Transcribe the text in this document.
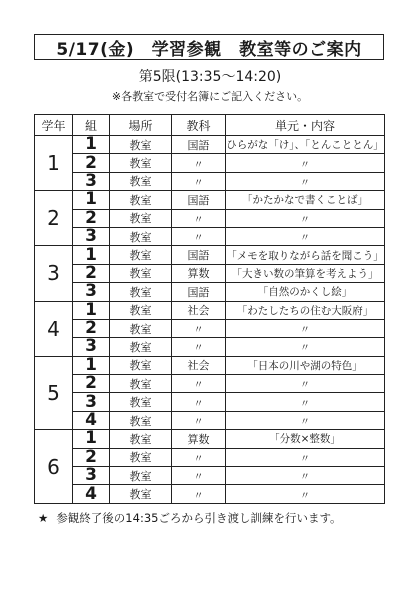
5/17(金)　学習参観　教室等のご案内
第5限(13:35～14:20)
※各教室で受付名簿にご記入ください。
学年	組	場所	教科	単元・内容
1	1	教室	国語	ひらがな「け」、「とんこととん」
	2	教室	〃	〃
	3	教室	〃	〃
2	1	教室	国語	「かたかなで書くことば」
	2	教室	〃	〃
	3	教室	〃	〃
3	1	教室	国語	「メモを取りながら話を聞こう」
	2	教室	算数	「大きい数の筆算を考えよう」
	3	教室	国語	「自然のかくし絵」
4	1	教室	社会	「わたしたちの住む大阪府」
	2	教室	〃	〃
	3	教室	〃	〃
5	1	教室	社会	「日本の川や湖の特色」
	2	教室	〃	〃
	3	教室	〃	〃
	4	教室	〃	〃
6	1	教室	算数	「分数×整数」
	2	教室	〃	〃
	3	教室	〃	〃
	4	教室	〃	〃
★ 参観終了後の14:35ごろから引き渡し訓練を行います。
